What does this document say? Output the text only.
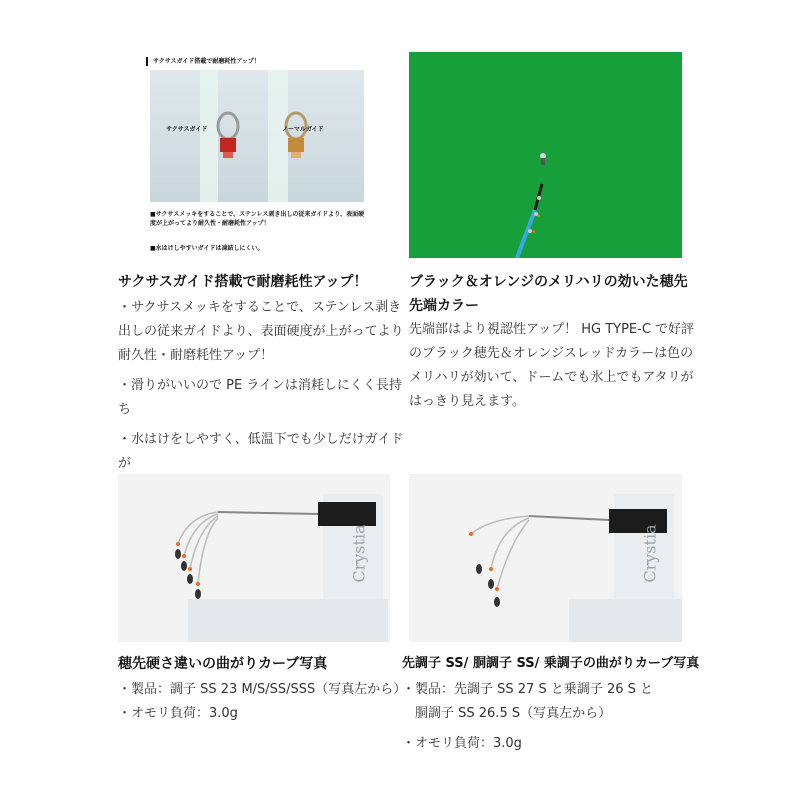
サクサスガイド搭載で耐磨耗性アップ！
サクサスガイド	ノーマルガイド
■サクサスメッキをすることで、ステンレス剥き出しの従来ガイドより、表面硬度が上がってより耐久性・耐磨耗性アップ！
■水はけしやすいガイドは凍結しにくい。
サクサスガイド搭載で耐磨耗性アップ！

・サクサスメッキをすることで、ステンレス剥き

出しの従来ガイドより、表面硬度が上がってより

耐久性・耐磨耗性アップ！

・滑りがいいので PE ラインは消耗しにくく長持ち

・水はけをしやすく、低温下でも少しだけガイドが

ブラック＆オレンジのメリハリの効いた穂先
先端カラー

先端部はより視認性アップ！ HG TYPE-C で好評

のブラック穂先＆オレンジスレッドカラーは色の

メリハリが効いて、ドームでも氷上でもアタリが

はっきり見えます。

Crystia	Crystia
穂先硬さ違いの曲がりカーブ写真

・製品：調子 SS 23 M/S/SS/SSS（写真左から）

・オモリ負荷：3.0g

先調子 SS/ 胴調子 SS/ 乗調子の曲がりカーブ写真

・製品：先調子 SS 27 S と乗調子 26 S と

　胴調子 SS 26.5 S（写真左から）

・オモリ負荷：3.0g
